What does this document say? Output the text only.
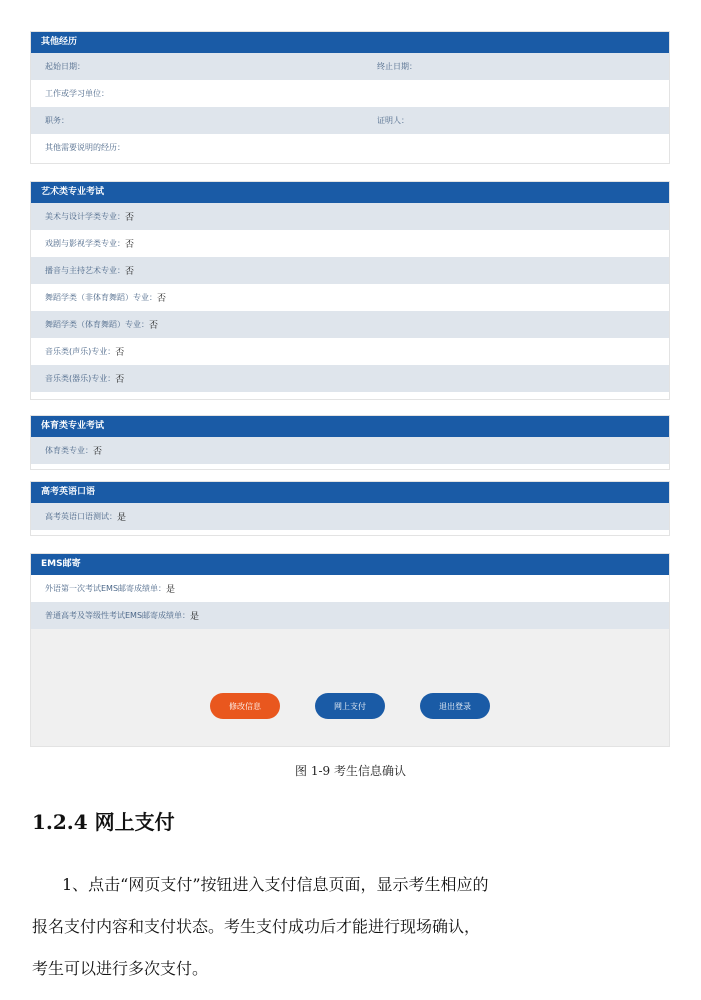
其他经历
起始日期：	终止日期：
工作或学习单位：
职务：	证明人：
其他需要说明的经历：
艺术类专业考试
美术与设计学类专业： 否
戏剧与影视学类专业： 否
播音与主持艺术专业： 否
舞蹈学类（非体育舞蹈）专业： 否
舞蹈学类（体育舞蹈）专业： 否
音乐类(声乐)专业： 否
音乐类(器乐)专业： 否
体育类专业考试
体育类专业： 否
高考英语口语
高考英语口语测试： 是
EMS邮寄
外语第一次考试EMS邮寄成绩单： 是
普通高考及等级性考试EMS邮寄成绩单： 是
修改信息	网上支付	退出登录
图 1-9 考生信息确认
1.2.4 网上支付
1、点击“网页支付”按钮进入支付信息页面，显示考生相应的
报名支付内容和支付状态。考生支付成功后才能进行现场确认，
考生可以进行多次支付。
